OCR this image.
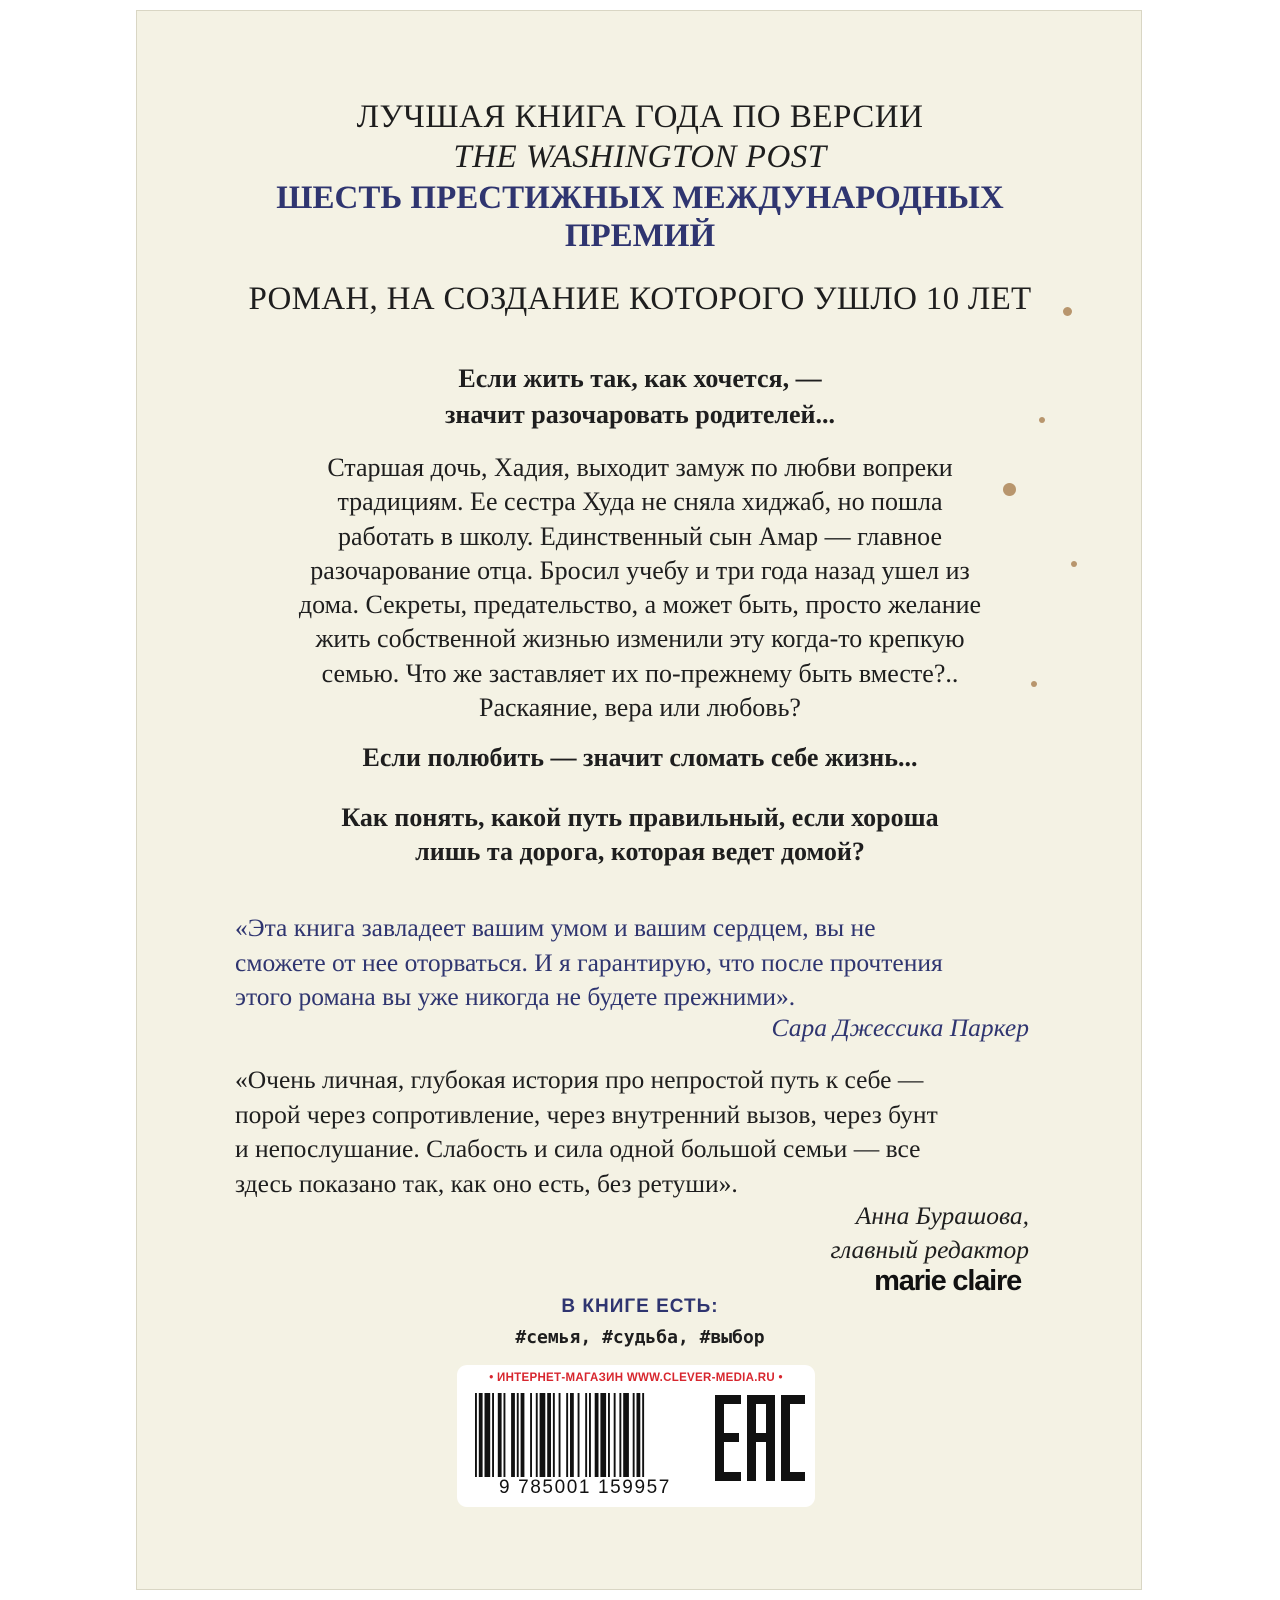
ЛУЧШАЯ КНИГА ГОДА ПО ВЕРСИИ
THE WASHINGTON POST
ШЕСТЬ ПРЕСТИЖНЫХ МЕЖДУНАРОДНЫХ
ПРЕМИЙ
РОМАН, НА СОЗДАНИЕ КОТОРОГО УШЛО 10 ЛЕТ
Если жить так, как хочется, —
значит разочаровать родителей...
Старшая дочь, Хадия, выходит замуж по любви вопреки
традициям. Ее сестра Худа не сняла хиджаб, но пошла
работать в школу. Единственный сын Амар — главное
разочарование отца. Бросил учебу и три года назад ушел из
дома. Секреты, предательство, а может быть, просто желание
жить собственной жизнью изменили эту когда-то крепкую
семью. Что же заставляет их по-прежнему быть вместе?..
Раскаяние, вера или любовь?
Если полюбить — значит сломать себе жизнь...
Как понять, какой путь правильный, если хороша
лишь та дорога, которая ведет домой?
«Эта книга завладеет вашим умом и вашим сердцем, вы не
сможете от нее оторваться. И я гарантирую, что после прочтения
этого романа вы уже никогда не будете прежними».
Сара Джессика Паркер
«Очень личная, глубокая история про непростой путь к себе —
порой через сопротивление, через внутренний вызов, через бунт
и непослушание. Слабость и сила одной большой семьи — все
здесь показано так, как оно есть, без ретуши».
Анна Бурашова,
главный редактор
marie claire
В КНИГЕ ЕСТЬ:
#семья, #судьба, #выбор
• ИНТЕРНЕТ-МАГАЗИН WWW.CLEVER-MEDIA.RU •
9 785001 159957
